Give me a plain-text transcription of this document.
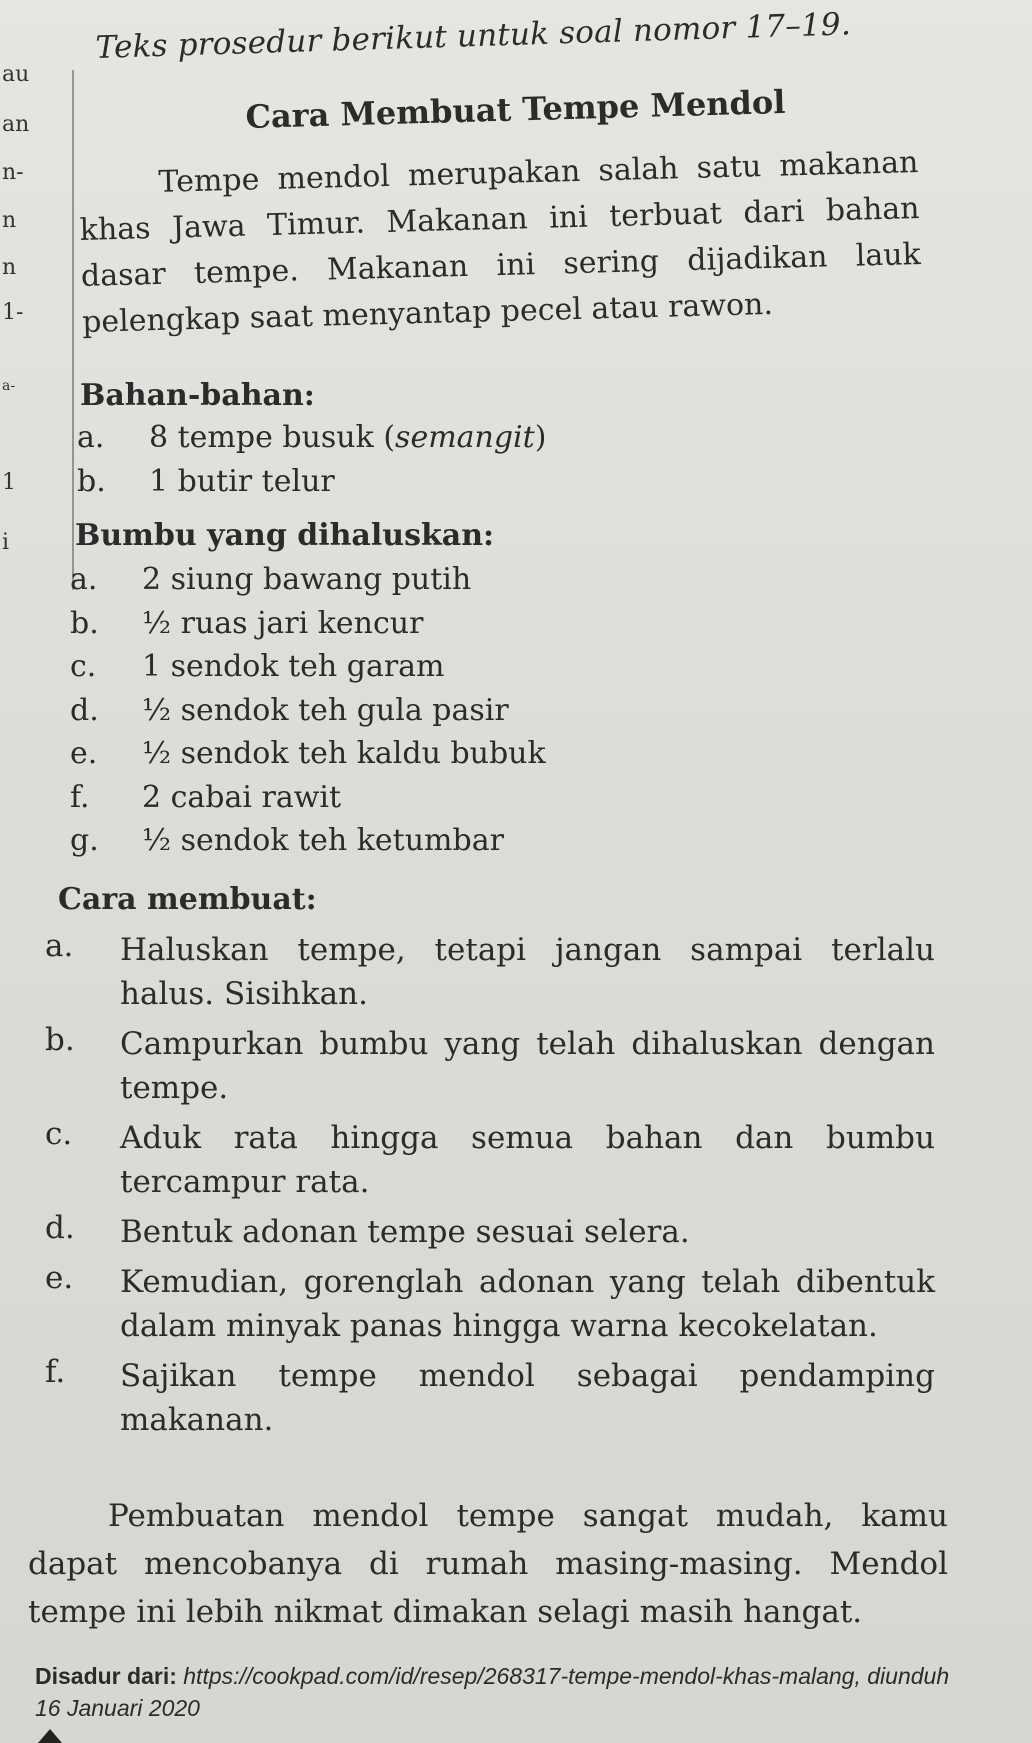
au
an
n-
n
n
1-
a-
1
i
Teks prosedur berikut untuk soal nomor 17–19.
Cara Membuat Tempe Mendol
Tempe mendol merupakan salah satu makanan khas Jawa Timur. Makanan ini terbuat dari bahan dasar tempe. Makanan ini sering dijadikan lauk pelengkap saat menyantap pecel atau rawon.
Bahan-bahan:
a.	8 tempe busuk (semangit)
b.	1 butir telur
Bumbu yang dihaluskan:
a.	2 siung bawang putih
b.	½ ruas jari kencur
c.	1 sendok teh garam
d.	½ sendok teh gula pasir
e.	½ sendok teh kaldu bubuk
f.	2 cabai rawit
g.	½ sendok teh ketumbar
Cara membuat:
a.	Haluskan tempe, tetapi jangan sampai terlalu halus. Sisihkan.
b.	Campurkan bumbu yang telah dihaluskan dengan tempe.
c.	Aduk rata hingga semua bahan dan bumbu tercampur rata.
d.	Bentuk adonan tempe sesuai selera.
e.	Kemudian, gorenglah adonan yang telah dibentuk dalam minyak panas hingga warna kecokelatan.
f.	Sajikan tempe mendol sebagai pendamping makanan.
Pembuatan mendol tempe sangat mudah, kamu dapat mencobanya di rumah masing-masing. Mendol tempe ini lebih nikmat dimakan selagi masih hangat.
Disadur dari: https://cookpad.com/id/resep/268317-tempe-mendol-khas-malang, diunduh 16 Januari 2020
